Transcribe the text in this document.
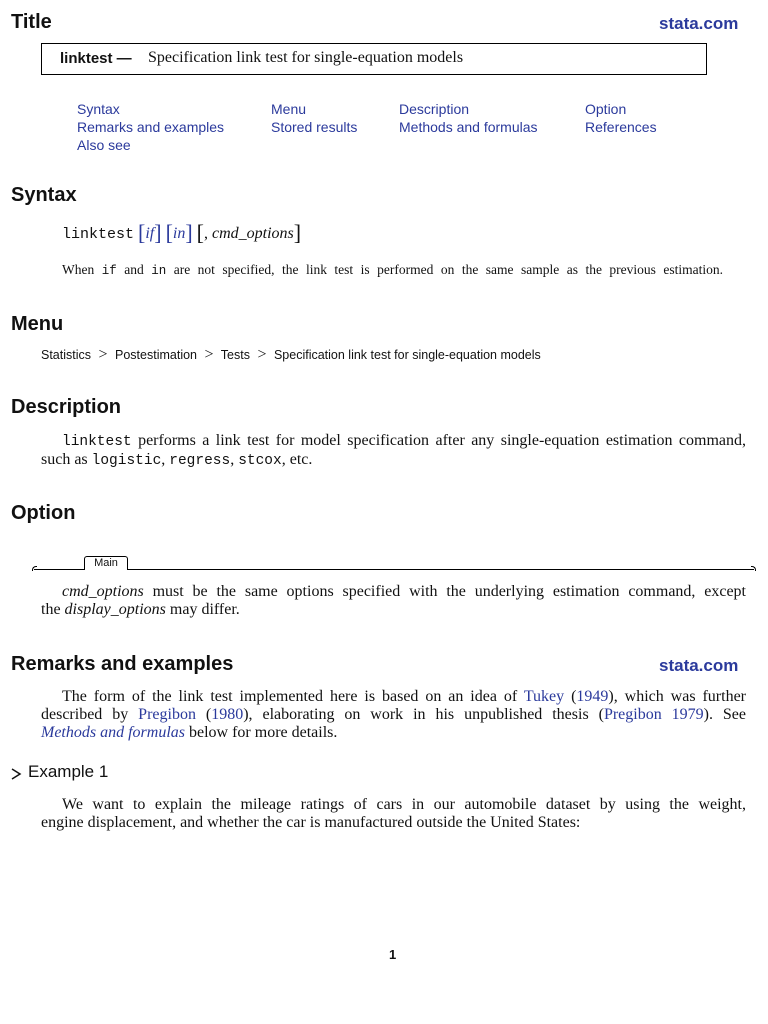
Title	stata.com
linktest — Specification link test for single-equation models
Syntax
Remarks and examples
Also see
Menu
Stored results
Description
Methods and formulas
Option
References
Syntax
linktest [if] [in] [, cmd_options]
When if and in are not specified, the link test is performed on the same sample as the previous estimation.
Menu
Statistics > Postestimation > Tests > Specification link test for single-equation models
Description
linktest performs a link test for model specification after any single-equation estimation command,
such as logistic, regress, stcox, etc.
Option
Main
cmd_options must be the same options specified with the underlying estimation command, except
the display_options may differ.
Remarks and examples	stata.com
The form of the link test implemented here is based on an idea of Tukey (1949), which was further
described by Pregibon (1980), elaborating on work in his unpublished thesis (Pregibon 1979). See
Methods and formulas below for more details.
Example 1
We want to explain the mileage ratings of cars in our automobile dataset by using the weight,
engine displacement, and whether the car is manufactured outside the United States:
1
